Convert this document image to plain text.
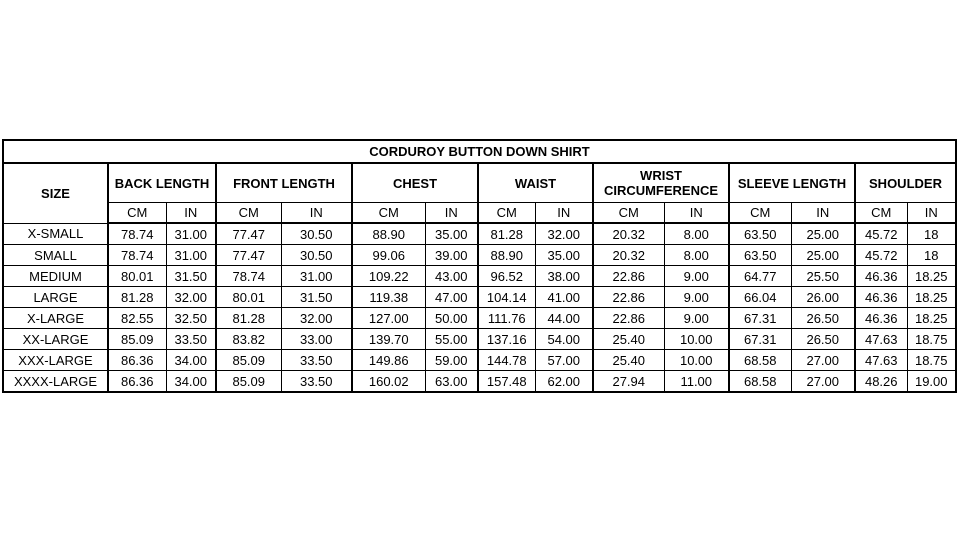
CORDUROY BUTTON DOWN SHIRT														
SIZE	BACK LENGTH		FRONT LENGTH		CHEST		WAIST		WRIST
CIRCUMFERENCE		SLEEVE LENGTH		SHOULDER	
	CM	IN	CM	IN	CM	IN	CM	IN	CM	IN	CM	IN	CM	IN
X-SMALL	78.74	31.00	77.47	30.50	88.90	35.00	81.28	32.00	20.32	8.00	63.50	25.00	45.72	18
SMALL	78.74	31.00	77.47	30.50	99.06	39.00	88.90	35.00	20.32	8.00	63.50	25.00	45.72	18
MEDIUM	80.01	31.50	78.74	31.00	109.22	43.00	96.52	38.00	22.86	9.00	64.77	25.50	46.36	18.25
LARGE	81.28	32.00	80.01	31.50	119.38	47.00	104.14	41.00	22.86	9.00	66.04	26.00	46.36	18.25
X-LARGE	82.55	32.50	81.28	32.00	127.00	50.00	111.76	44.00	22.86	9.00	67.31	26.50	46.36	18.25
XX-LARGE	85.09	33.50	83.82	33.00	139.70	55.00	137.16	54.00	25.40	10.00	67.31	26.50	47.63	18.75
XXX-LARGE	86.36	34.00	85.09	33.50	149.86	59.00	144.78	57.00	25.40	10.00	68.58	27.00	47.63	18.75
XXXX-LARGE	86.36	34.00	85.09	33.50	160.02	63.00	157.48	62.00	27.94	11.00	68.58	27.00	48.26	19.00
